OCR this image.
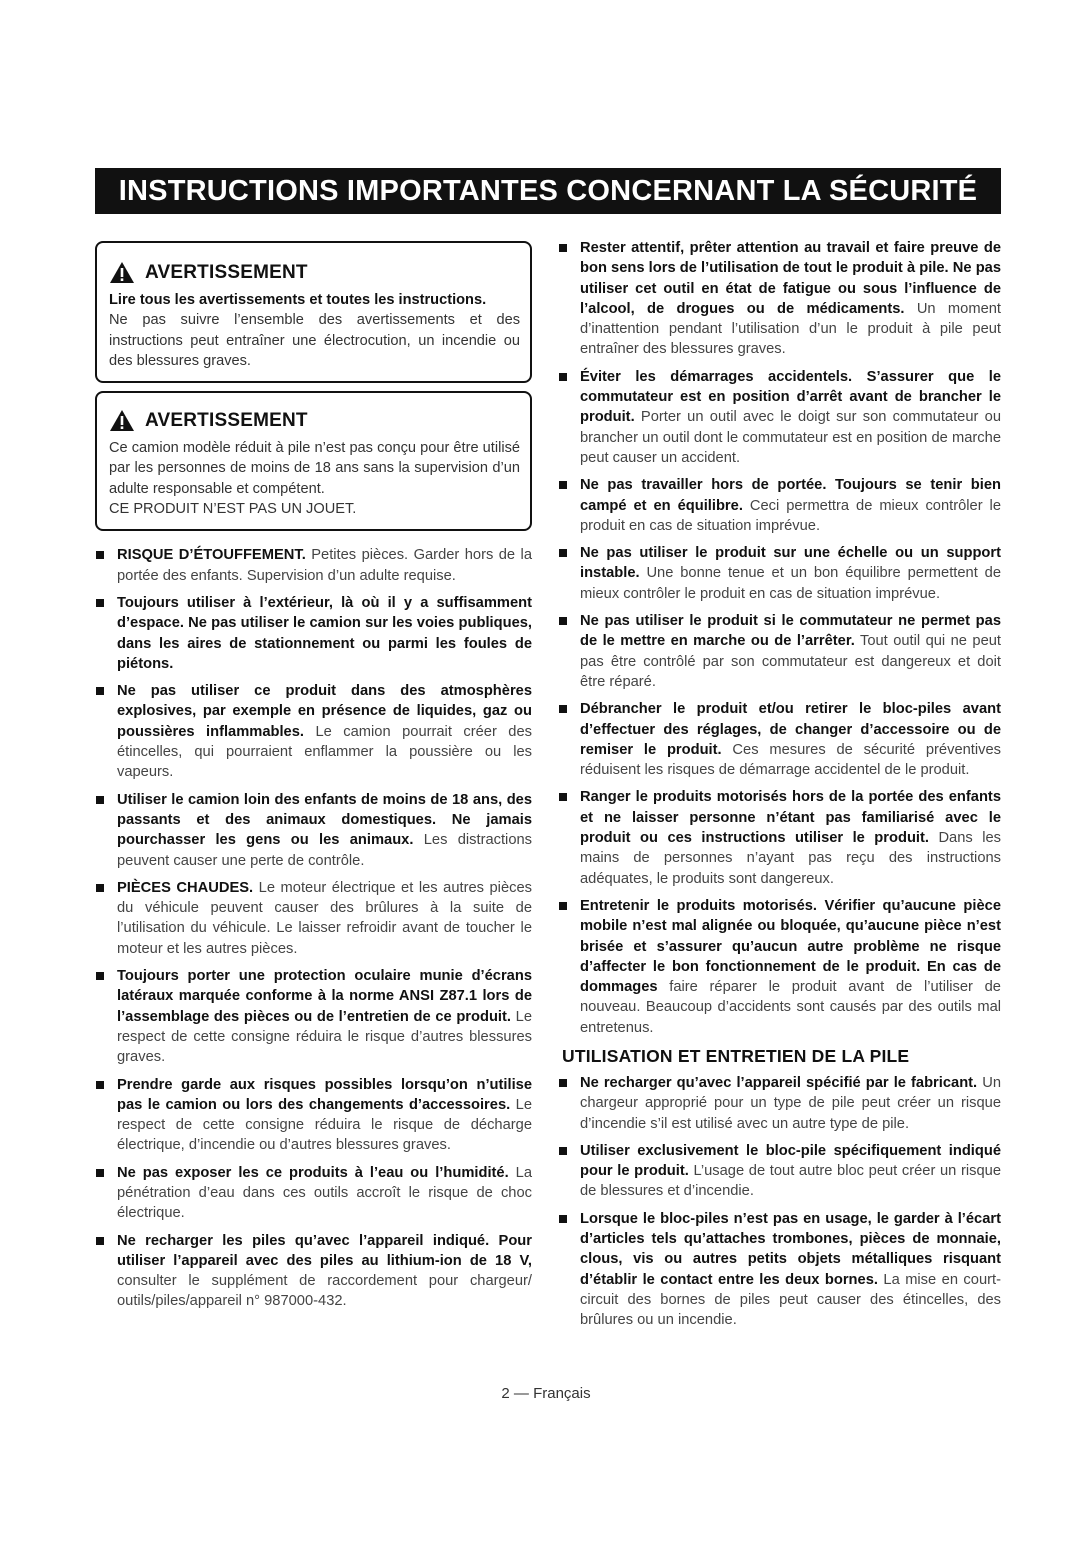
INSTRUCTIONS IMPORTANTES CONCERNANT LA SÉCURITÉ
AVERTISSEMENT

Lire tous les avertissements et toutes les instructions.

Ne pas suivre l’ensemble des avertissements et des instructions peut entraîner une électrocution, un incendie ou des blessures graves.

AVERTISSEMENT

Ce camion modèle réduit à pile n’est pas conçu pour être utilisé par les personnes de moins de 18 ans sans la supervision d’un adulte responsable et compétent.

CE PRODUIT N’EST PAS UN JOUET.

RISQUE D’ÉTOUFFEMENT. Petites pièces. Garder hors de la portée des enfants. Supervision d’un adulte requise.
Toujours utiliser à l’extérieur, là où il y a suffisamment d’espace. Ne pas utiliser le camion sur les voies publiques, dans les aires de stationnement ou parmi les foules de piétons.
Ne pas utiliser ce produit dans des atmosphères explosives, par exemple en présence de liquides, gaz ou poussières inflammables. Le camion pourrait créer des étincelles, qui pourraient enflammer la poussière ou les vapeurs.
Utiliser le camion loin des enfants de moins de 18 ans, des passants et des animaux domestiques. Ne jamais pourchasser les gens ou les animaux. Les distractions peuvent causer une perte de contrôle.
PIÈCES CHAUDES. Le moteur électrique et les autres pièces du véhicule peuvent causer des brûlures à la suite de l’utilisation du véhicule. Le laisser refroidir avant de toucher le moteur et les autres pièces.
Toujours porter une protection oculaire munie d’écrans latéraux marquée conforme à la norme ANSI Z87.1 lors de l’assemblage des pièces ou de l’entretien de ce produit. Le respect de cette consigne réduira le risque d’autres blessures graves.
Prendre garde aux risques possibles lorsqu’on n’utilise pas le camion ou lors des changements d’accessoires. Le respect de cette consigne réduira le risque de décharge électrique, d’incendie ou d’autres blessures graves.
Ne pas exposer les ce produits à l’eau ou l’humidité. La pénétration d’eau dans ces outils accroît le risque de choc électrique.
Ne recharger les piles qu’avec l’appareil indiqué. Pour utiliser l’appareil avec des piles au lithium-ion de 18 V, consulter le supplément de raccordement pour chargeur/ outils/piles/appareil n° 987000-432.
Rester attentif, prêter attention au travail et faire preuve de bon sens lors de l’utilisation de tout le produit à pile. Ne pas utiliser cet outil en état de fatigue ou sous l’influence de l’alcool, de drogues ou de médicaments. Un moment d’inattention pendant l’utilisation d’un le produit à pile peut entraîner des blessures graves.
Éviter les démarrages accidentels. S’assurer que le commutateur est en position d’arrêt avant de brancher le produit. Porter un outil avec le doigt sur son commutateur ou brancher un outil dont le commutateur est en position de marche peut causer un accident.
Ne pas travailler hors de portée. Toujours se tenir bien campé et en équilibre. Ceci permettra de mieux contrôler le produit en cas de situation imprévue.
Ne pas utiliser le produit sur une échelle ou un support instable. Une bonne tenue et un bon équilibre permettent de mieux contrôler le produit en cas de situation imprévue.
Ne pas utiliser le produit si le commutateur ne permet pas de le mettre en marche ou de l’arrêter. Tout outil qui ne peut pas être contrôlé par son commutateur est dangereux et doit être réparé.
Débrancher le produit et/ou retirer le bloc-piles avant d’effectuer des réglages, de changer d’accessoire ou de remiser le produit. Ces mesures de sécurité préventives réduisent les risques de démarrage accidentel de le produit.
Ranger le produits motorisés hors de la portée des enfants et ne laisser personne n’étant pas familiarisé avec le produit ou ces instructions utiliser le produit. Dans les mains de personnes n’ayant pas reçu des instructions adéquates, le produits sont dangereux.
Entretenir le produits motorisés. Vérifier qu’aucune pièce mobile n’est mal alignée ou bloquée, qu’aucune pièce n’est brisée et s’assurer qu’aucun autre problème ne risque d’affecter le bon fonctionnement de le produit. En cas de dommages faire réparer le produit avant de l’utiliser de nouveau. Beaucoup d’accidents sont causés par des outils mal entretenus.
UTILISATION ET ENTRETIEN DE LA PILE
Ne recharger qu’avec l’appareil spécifié par le fabricant. Un chargeur approprié pour un type de pile peut créer un risque d’incendie s’il est utilisé avec un autre type de pile.
Utiliser exclusivement le bloc-pile spécifiquement indiqué pour le produit. L’usage de tout autre bloc peut créer un risque de blessures et d’incendie.
Lorsque le bloc-piles n’est pas en usage, le garder à l’écart d’articles tels qu’attaches trombones, pièces de monnaie, clous, vis ou autres petits objets métalliques risquant d’établir le contact entre les deux bornes. La mise en court-circuit des bornes de piles peut causer des étincelles, des brûlures ou un incendie.
2 — Français
